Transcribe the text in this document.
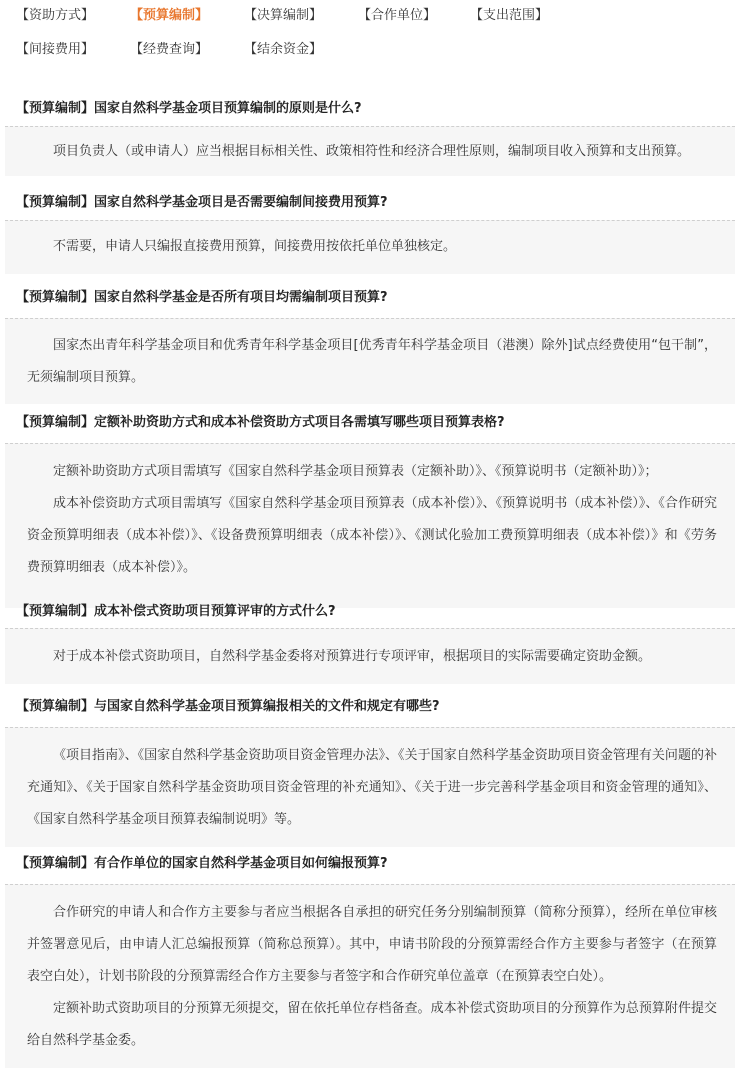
【资助方式】	【预算编制】	【决算编制】	【合作单位】	【支出范围】
【间接费用】	【经费查询】	【结余资金】
【预算编制】国家自然科学基金项目预算编制的原则是什么?

项目负责人（或申请人）应当根据目标相关性、政策相符性和经济合理性原则，编制项目收入预算和支出预算。

【预算编制】国家自然科学基金项目是否需要编制间接费用预算?

不需要，申请人只编报直接费用预算，间接费用按依托单位单独核定。

【预算编制】国家自然科学基金是否所有项目均需编制项目预算?

国家杰出青年科学基金项目和优秀青年科学基金项目[优秀青年科学基金项目（港澳）除外]试点经费使用“包干制”，无须编制项目预算。

【预算编制】定额补助资助方式和成本补偿资助方式项目各需填写哪些项目预算表格?

定额补助资助方式项目需填写《国家自然科学基金项目预算表（定额补助）》、《预算说明书（定额补助）》；

成本补偿资助方式项目需填写《国家自然科学基金项目预算表（成本补偿）》、《预算说明书（成本补偿）》、《合作研究资金预算明细表（成本补偿）》、《设备费预算明细表（成本补偿）》、《测试化验加工费预算明细表（成本补偿）》和《劳务费预算明细表（成本补偿）》。

【预算编制】成本补偿式资助项目预算评审的方式什么?

对于成本补偿式资助项目，自然科学基金委将对预算进行专项评审，根据项目的实际需要确定资助金额。

【预算编制】与国家自然科学基金项目预算编报相关的文件和规定有哪些?

《项目指南》、《国家自然科学基金资助项目资金管理办法》、《关于国家自然科学基金资助项目资金管理有关问题的补充通知》、《关于国家自然科学基金资助项目资金管理的补充通知》、《关于进一步完善科学基金项目和资金管理的通知》、《国家自然科学基金项目预算表编制说明》等。

【预算编制】有合作单位的国家自然科学基金项目如何编报预算?

合作研究的申请人和合作方主要参与者应当根据各自承担的研究任务分别编制预算（简称分预算），经所在单位审核并签署意见后，由申请人汇总编报预算（简称总预算）。其中，申请书阶段的分预算需经合作方主要参与者签字（在预算表空白处），计划书阶段的分预算需经合作方主要参与者签字和合作研究单位盖章（在预算表空白处）。

定额补助式资助项目的分预算无须提交，留在依托单位存档备查。成本补偿式资助项目的分预算作为总预算附件提交给自然科学基金委。
